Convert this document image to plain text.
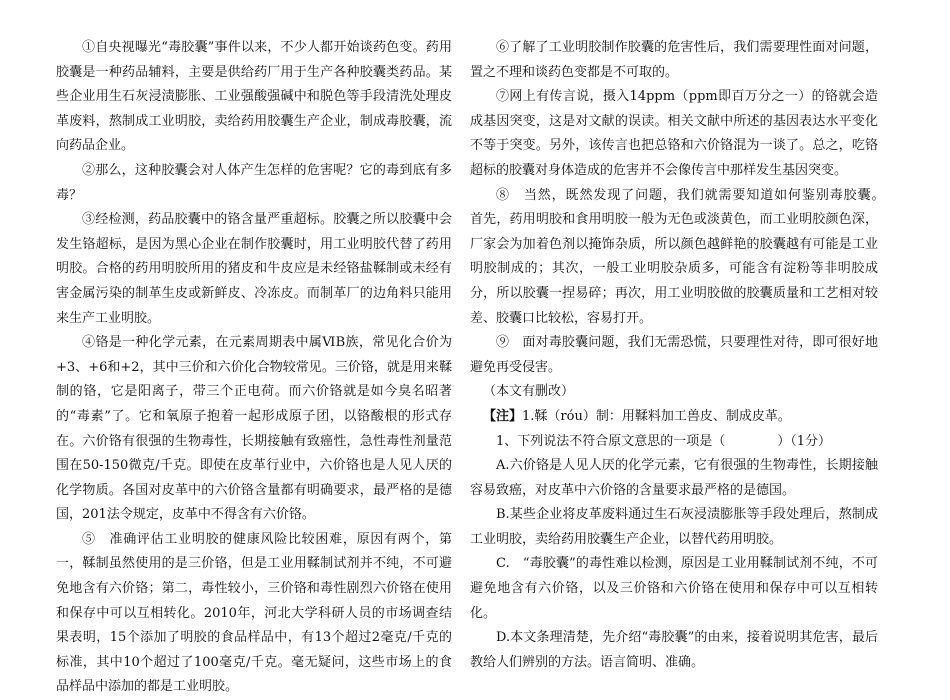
①自央视曝光“毒胶囊”事件以来，不少人都开始谈药色变。药用胶囊是一种药品辅料，主要是供给药厂用于生产各种胶囊类药品。某些企业用生石灰浸渍膨胀、工业强酸强碱中和脱色等手段清洗处理皮革废料，熬制成工业明胶，卖给药用胶囊生产企业，制成毒胶囊，流向药品企业。

②那么，这种胶囊会对人体产生怎样的危害呢？它的毒到底有多毒？

③经检测，药品胶囊中的铬含量严重超标。胶囊之所以胶囊中会发生铬超标，是因为黑心企业在制作胶囊时，用工业明胶代替了药用明胶。合格的药用明胶所用的猪皮和牛皮应是未经铬盐鞣制或未经有害金属污染的制革生皮或新鲜皮、冷冻皮。而制革厂的边角料只能用来生产工业明胶。

④铬是一种化学元素，在元素周期表中属ⅥB族，常见化合价为+3、+6和+2，其中三价和六价化合物较常见。三价铬，就是用来鞣制的铬，它是阳离子，带三个正电荷。而六价铬就是如今臭名昭著的“毒素”了。它和氧原子抱着一起形成原子团，以铬酸根的形式存在。六价铬有很强的生物毒性，长期接触有致癌性，急性毒性剂量范围在50-150微克/千克。即使在皮革行业中，六价铬也是人见人厌的化学物质。各国对皮革中的六价铬含量都有明确要求，最严格的是德国，201法令规定，皮革中不得含有六价铬。

⑤　准确评估工业明胶的健康风险比较困难，原因有两个，第一，鞣制虽然使用的是三价铬，但是工业用鞣制试剂并不纯，不可避免地含有六价铬；第二，毒性较小，三价铬和毒性剧烈六价铬在使用和保存中可以互相转化。2010年，河北大学科研人员的市场调查结果表明，15个添加了明胶的食品样品中，有13个超过2毫克/千克的标准，其中10个超过了100毫克/千克。毫无疑问，这些市场上的食品样品中添加的都是工业明胶。

⑥了解了工业明胶制作胶囊的危害性后，我们需要理性面对问题，置之不理和谈药色变都是不可取的。

⑦网上有传言说，摄入14ppm（ppm即百万分之一）的铬就会造成基因突变，这是对文献的误读。相关文献中所述的基因表达水平变化不等于突变。另外，该传言也把总铬和六价铬混为一谈了。总之，吃铬超标的胶囊对身体造成的危害并不会像传言中那样发生基因突变。

⑧　当然，既然发现了问题，我们就需要知道如何鉴别毒胶囊。　首先，药用明胶和食用明胶一般为无色或淡黄色，而工业明胶颜色深，厂家会为加着色剂以掩饰杂质，所以颜色越鲜艳的胶囊越有可能是工业明胶制成的；其次，一般工业明胶杂质多，可能含有淀粉等非明胶成分，所以胶囊一捏易碎；再次，用工业明胶做的胶囊质量和工艺相对较差、胶囊口比较松，容易打开。

⑨　面对毒胶囊问题，我们无需恐慌，只要理性对待，即可很好地避免再受侵害。

（本文有删改）

【注】1.鞣（róu）制：用鞣料加工兽皮、制成皮革。

1、下列说法不符合原文意思的一项是（　　　　）（1分）

A.六价铬是人见人厌的化学元素，它有很强的生物毒性，长期接触容易致癌，对皮革中六价铬的含量要求最严格的是德国。

B.某些企业将皮革废料通过生石灰浸渍膨胀等手段处理后，熬制成工业明胶，卖给药用胶囊生产企业，以替代药用明胶。

C.　“毒胶囊”的毒性难以检测，原因是工业用鞣制试剂不纯，不可避免地含有六价铬，以及三价铬和六价铬在使用和保存中可以互相转化。

D.本文条理清楚，先介绍“毒胶囊”的由来，接着说明其危害，最后教给人们辨别的方法。语言简明、准确。
